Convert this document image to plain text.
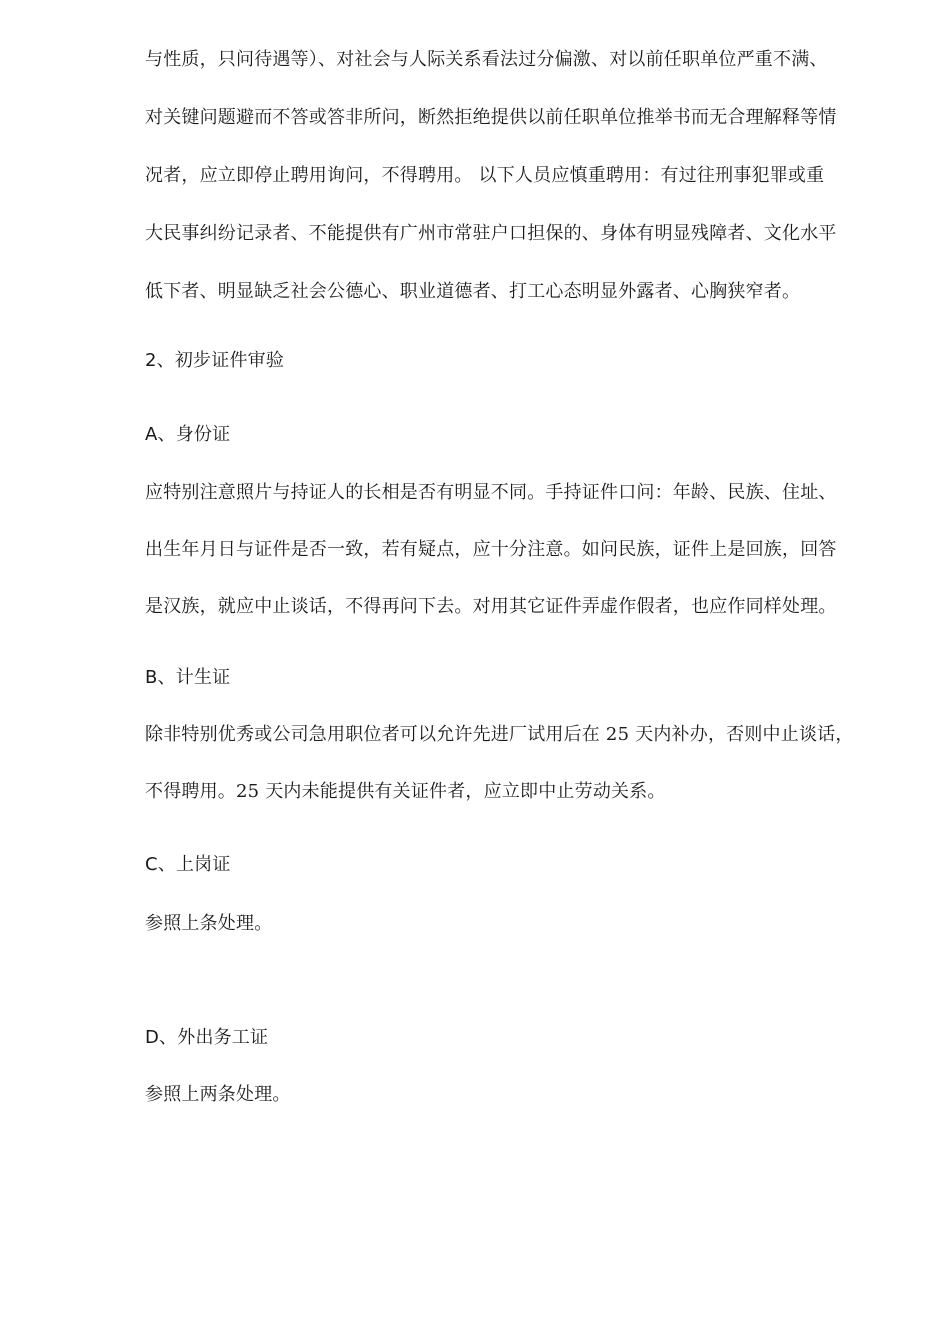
与性质，只问待遇等）、对社会与人际关系看法过分偏激、对以前任职单位严重不满、
对关键问题避而不答或答非所问，断然拒绝提供以前任职单位推举书而无合理解释等情
况者，应立即停止聘用询问，不得聘用。 以下人员应慎重聘用：有过往刑事犯罪或重
大民事纠纷记录者、不能提供有广州市常驻户口担保的、身体有明显残障者、文化水平
低下者、明显缺乏社会公德心、职业道德者、打工心态明显外露者、心胸狭窄者。
2、初步证件审验
A、身份证
应特别注意照片与持证人的长相是否有明显不同。手持证件口问：年龄、民族、住址、
出生年月日与证件是否一致，若有疑点，应十分注意。如问民族，证件上是回族，回答
是汉族，就应中止谈话，不得再问下去。对用其它证件弄虚作假者，也应作同样处理。
B、计生证
除非特别优秀或公司急用职位者可以允许先进厂试用后在 25 天内补办，否则中止谈话，
不得聘用。25 天内未能提供有关证件者，应立即中止劳动关系。
C、上岗证
参照上条处理。
D、外出务工证
参照上两条处理。
